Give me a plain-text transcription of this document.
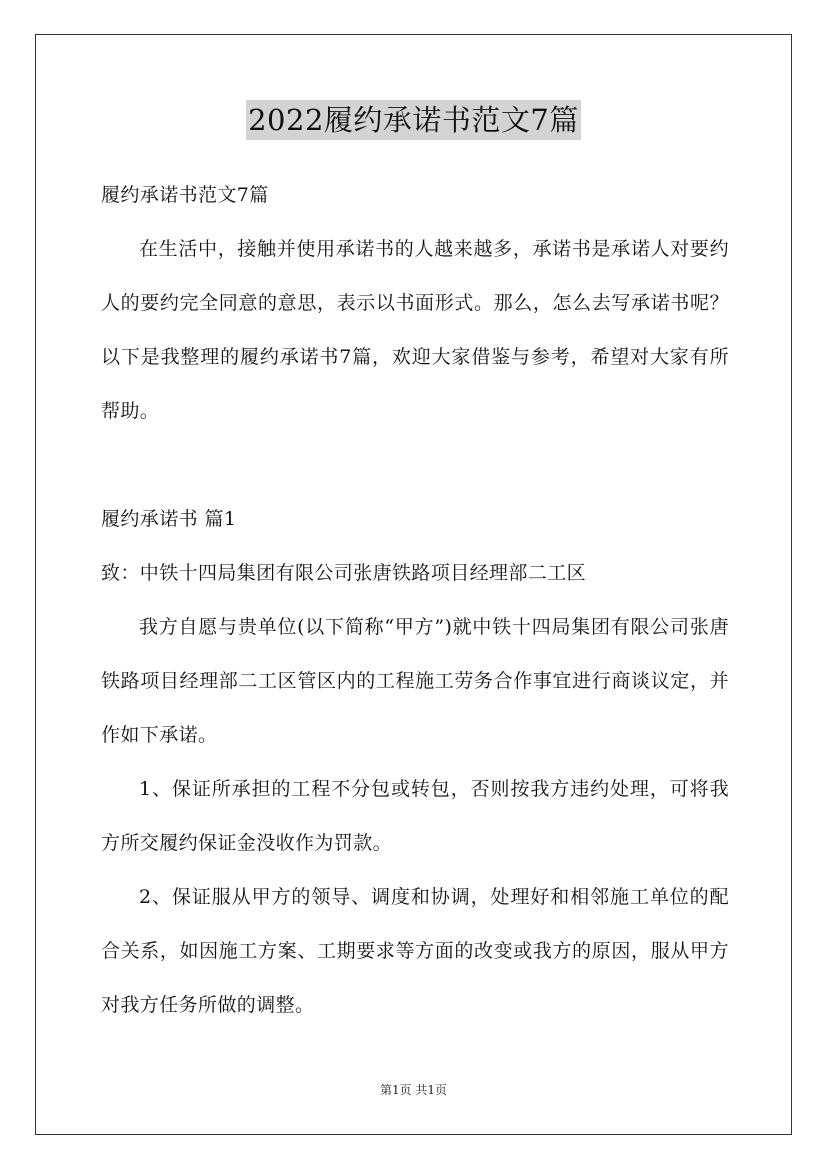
2022履约承诺书范文7篇

履约承诺书范文7篇

在生活中，接触并使用承诺书的人越来越多，承诺书是承诺人对要约人的要约完全同意的意思，表示以书面形式。那么，怎么去写承诺书呢？以下是我整理的履约承诺书7篇，欢迎大家借鉴与参考，希望对大家有所帮助。

履约承诺书 篇1

致：中铁十四局集团有限公司张唐铁路项目经理部二工区

我方自愿与贵单位(以下简称“甲方”)就中铁十四局集团有限公司张唐铁路项目经理部二工区管区内的工程施工劳务合作事宜进行商谈议定，并作如下承诺。

1、保证所承担的工程不分包或转包，否则按我方违约处理，可将我方所交履约保证金没收作为罚款。

2、保证服从甲方的领导、调度和协调，处理好和相邻施工单位的配合关系，如因施工方案、工期要求等方面的改变或我方的原因，服从甲方对我方任务所做的调整。

第1页 共1页
